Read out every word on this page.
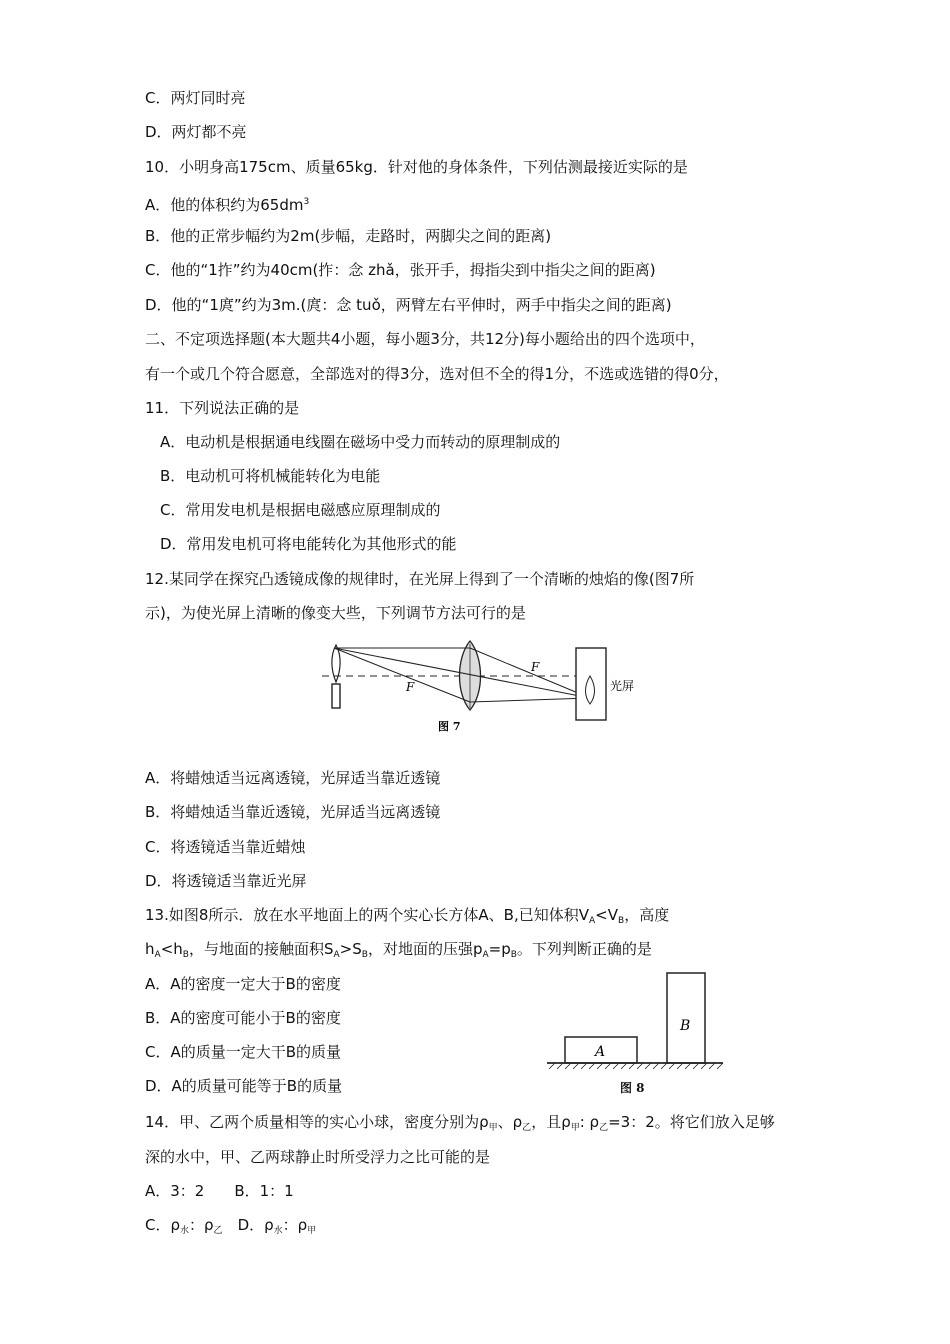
C．两灯同时亮
D．两灯都不亮
10．小明身高175cm、质量65kg．针对他的身体条件，下列估测最接近实际的是
A．他的体积约为$65dm^3$
B．他的正常步幅约为2m(步幅，走路时，两脚尖之间的距离)
C．他的“1拃”约为40cm(拃：念 zhǎ，张开手，拇指尖到中指尖之间的距离)
D．他的“1庹”约为3m.(庹：念 tuǒ，两臂左右平伸时，两手中指尖之间的距离)
二、不定项选择题(本大题共4小题，每小题3分，共12分)每小题给出的四个选项中，
有一个或几个符合愿意，全部选对的得3分，选对但不全的得1分，不选或选错的得0分，
11．下列说法正确的是
A．电动机是根据通电线圈在磁场中受力而转动的原理制成的
B．电动机可将机械能转化为电能
C．常用发电机是根据电磁感应原理制成的
D．常用发电机可将电能转化为其他形式的能
12.某同学在探究凸透镜成像的规律时，在光屏上得到了一个清晰的烛焰的像(图7所
示)，为使光屏上清晰的像变大些，下列调节方法可行的是
F
F
光屏
图 7
A．将蜡烛适当远离透镜，光屏适当靠近透镜
B．将蜡烛适当靠近透镜，光屏适当远离透镜
C．将透镜适当靠近蜡烛
D．将透镜适当靠近光屏
13.如图8所示．放在水平地面上的两个实心长方体A、B,已知体积$V_A<V_B$，高度
$h_A<h_B$，与地面的接触面积$S_A>S_B$，对地面的压强$p_A=p_B$。下列判断正确的是
A．A的密度一定大于B的密度
B．A的密度可能小于B的密度
C．A的质量一定大干B的质量
D．A的质量可能等于B的质量
A
B
图 8
14．甲、乙两个质量相等的实心小球，密度分别为$\rho_甲$、$\rho_乙$，且$\rho_甲$: $\rho_乙=3$：2。将它们放入足够
深的水中，甲、乙两球静止时所受浮力之比可能的是
A．3：2　　B．1：1
C．$\rho_水$：$\rho_乙$　D．$\rho_水$：$\rho_甲$
